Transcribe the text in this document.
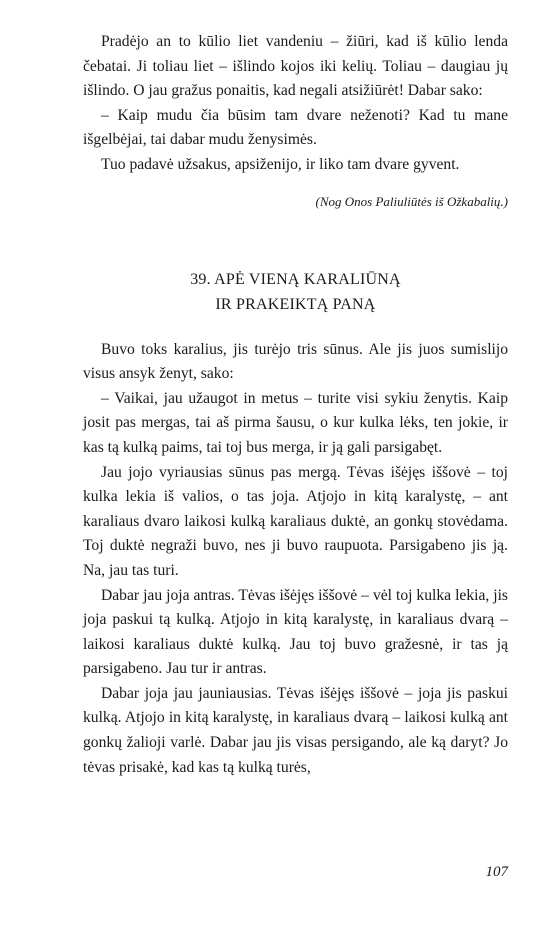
Pradėjo an to kūlio liet vandeniu – žiūri, kad iš kūlio lenda čebatai. Ji toliau liet – išlindo kojos iki kelių. Toliau – daugiau jų išlindo. O jau gražus ponaitis, kad negali atsižiūrėt! Dabar sako:

– Kaip mudu čia būsim tam dvare neženoti? Kad tu mane išgelbėjai, tai dabar mudu ženysimės.

Tuo padavė užsakus, apsiženijo, ir liko tam dvare gyvent.

(Nog Onos Paliuliūtės iš Ožkabalių.)

39. APĖ VIENĄ KARALIŪNĄ
IR PRAKEIKTĄ PANĄ

Buvo toks karalius, jis turėjo tris sūnus. Ale jis juos sumislijo visus ansyk ženyt, sako:

– Vaikai, jau užaugot in metus – turite visi sykiu ženytis. Kaip josit pas mergas, tai aš pirma šausu, o kur kulka lėks, ten jokie, ir kas tą kulką paims, tai toj bus merga, ir ją gali parsigabęt.

Jau jojo vyriausias sūnus pas mergą. Tėvas išėjęs iššovė – toj kulka lekia iš valios, o tas joja. Atjojo in kitą karalystę, – ant karaliaus dvaro laikosi kulką karaliaus duktė, an gonkų stovėdama. Toj duktė negraži buvo, nes ji buvo raupuota. Parsigabeno jis ją. Na, jau tas turi.

Dabar jau joja antras. Tėvas išėjęs iššovė – vėl toj kulka lekia, jis joja paskui tą kulką. Atjojo in kitą karalystę, in karaliaus dvarą – laikosi karaliaus duktė kulką. Jau toj buvo gražesnė, ir tas ją parsigabeno. Jau tur ir antras.

Dabar joja jau jauniausias. Tėvas išėjęs iššovė – joja jis paskui kulką. Atjojo in kitą karalystę, in karaliaus dvarą – laikosi kulką ant gonkų žalioji varlė. Dabar jau jis visas persigando, ale ką daryt? Jo tėvas prisakė, kad kas tą kulką turės,

107
